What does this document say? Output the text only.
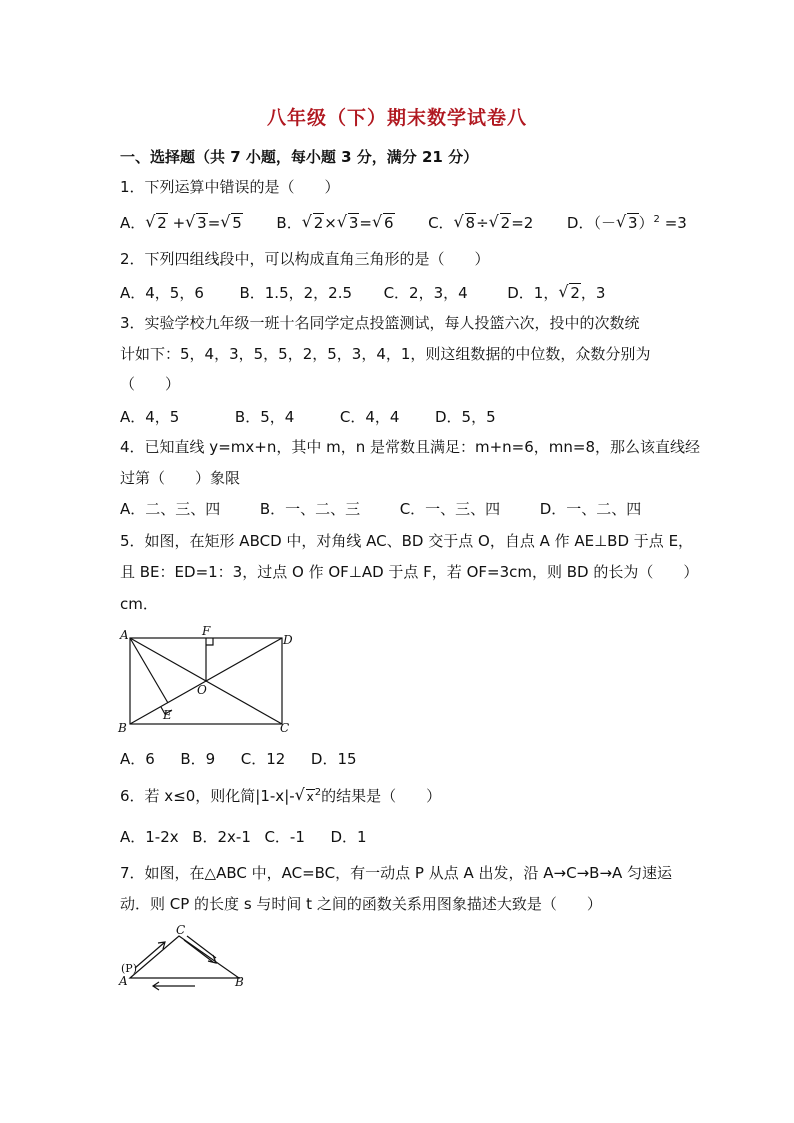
八年级（下）期末数学试卷八
一、选择题（共 7 小题，每小题 3 分，满分 21 分）
1．下列运算中错误的是（　　）
A． √ 2 + √ 3= √ 5 B． √ 2× √ 3= √ 6 C． √ 8÷ √ 2=2 D．（－ √ 3）$^2$ =3
2．下列四组线段中，可以构成直角三角形的是（　　）
A．4，5，6 B．1.5，2，2.5 C．2，3，4	D．1， √ 2，3
3．实验学校九年级一班十名同学定点投篮测试，每人投篮六次，投中的次数统
计如下：5，4，3，5，5，2，5，3，4，1，则这组数据的中位数，众数分别为
（　　）
A．4，5	B．5，4	C．4，4 D．5，5
4．已知直线 y=mx+n，其中 m，n 是常数且满足：m+n=6，mn=8，那么该直线经
过第（　　）象限
A．二、三、四	B．一、二、三	C．一、三、四	D．一、二、四
5．如图，在矩形 ABCD 中，对角线 AC、BD 交于点 O，自点 A 作 AE⊥BD 于点 E，
且 BE：ED=1：3，过点 O 作 OF⊥AD 于点 F，若 OF=3cm，则 BD 的长为（　　）
cm．
A
B	C
D
E
F
O
A．6 B．9 C．12 D．15
6．若 x≤0，则化简|1-x|- √ $x^2$的结果是（　　）
A．1-2x B．2x-1 C．-1 D．1
7．如图，在△ABC 中，AC=BC，有一动点 P 从点 A 出发，沿 A→C→B→A 匀速运
动．则 CP 的长度 s 与时间 t 之间的函数关系用图象描述大致是（　　）
A
C
B
(P)
